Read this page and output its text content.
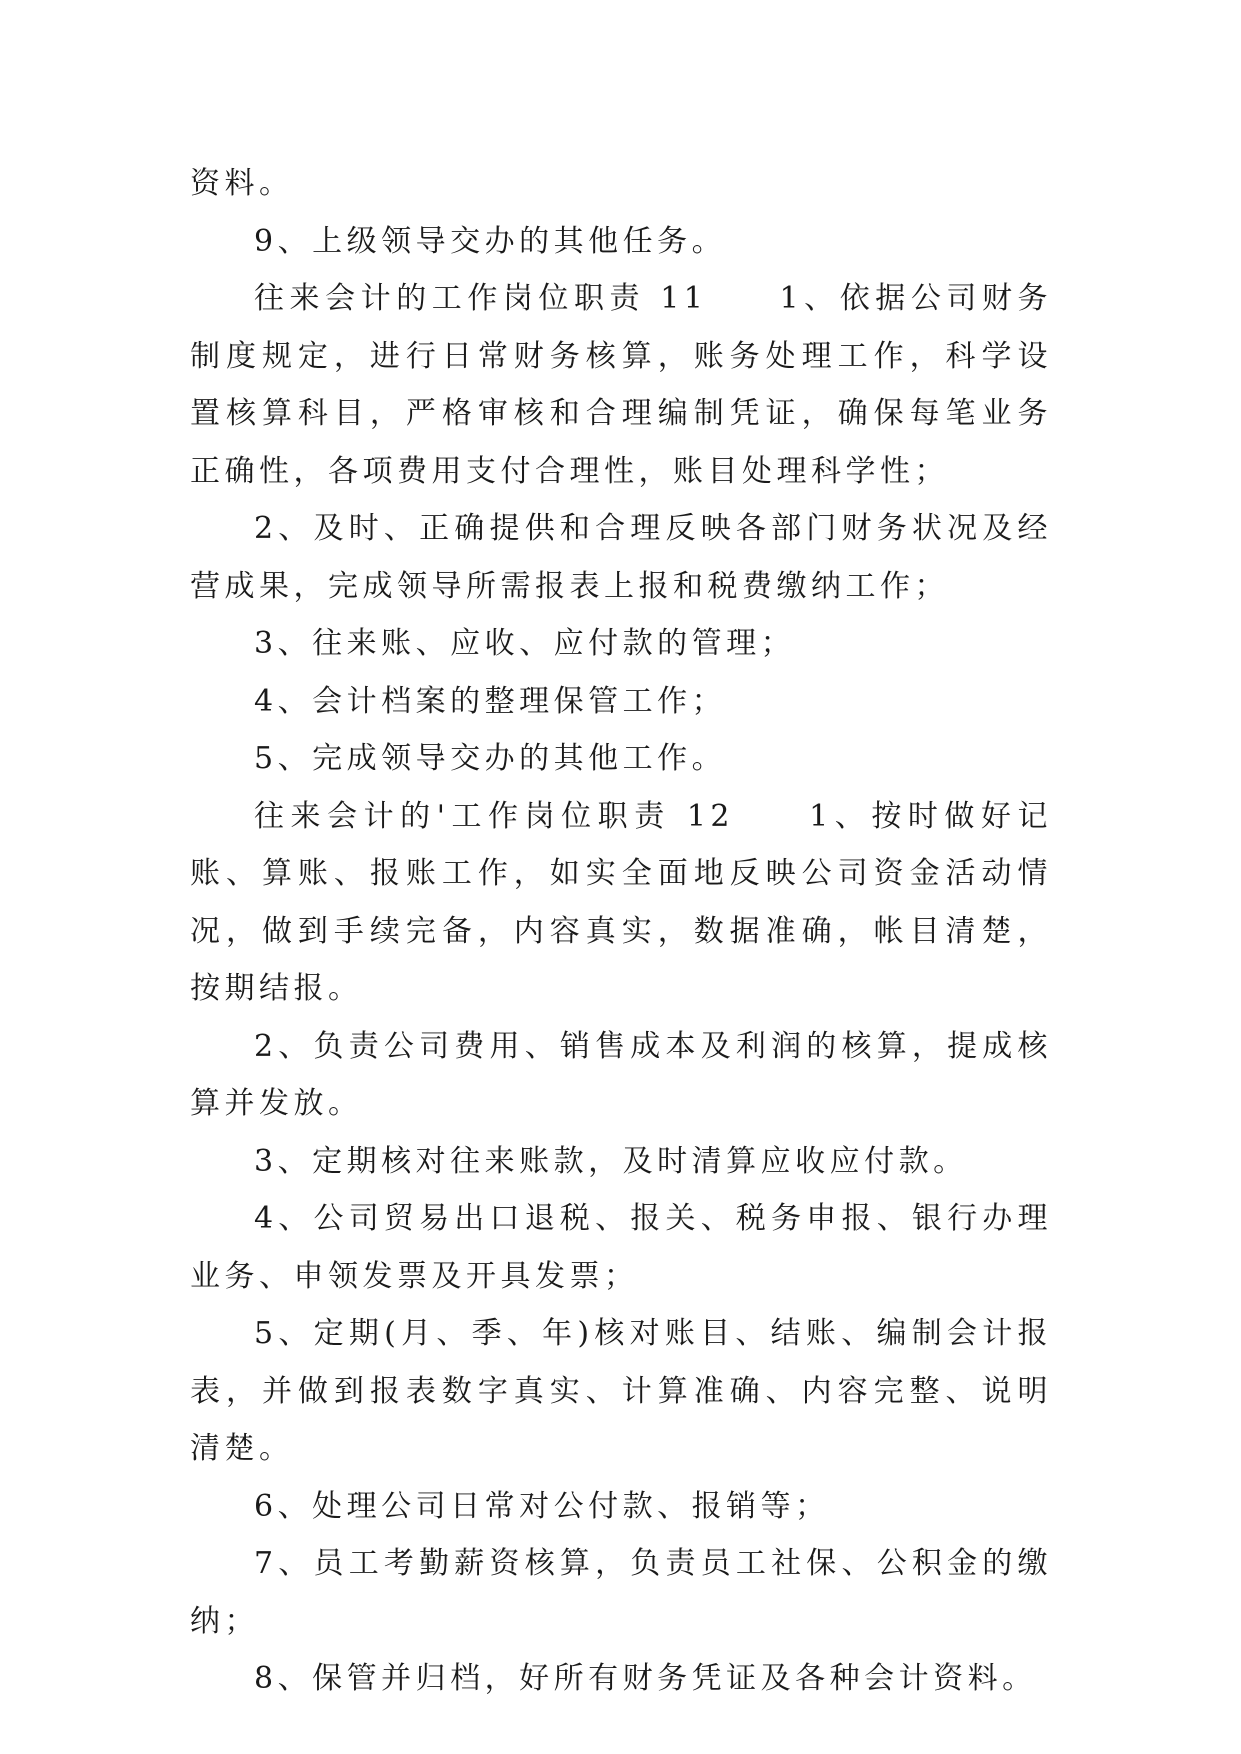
资料。

9、上级领导交办的其他任务。

往来会计的工作岗位职责 11　　1、依据公司财务制度规定，进行日常财务核算，账务处理工作，科学设置核算科目，严格审核和合理编制凭证，确保每笔业务正确性，各项费用支付合理性，账目处理科学性；

2、及时、正确提供和合理反映各部门财务状况及经营成果，完成领导所需报表上报和税费缴纳工作；

3、往来账、应收、应付款的管理；

4、会计档案的整理保管工作；

5、完成领导交办的其他工作。

往来会计的'工作岗位职责 12　　1、按时做好记账、算账、报账工作，如实全面地反映公司资金活动情况，做到手续完备，内容真实，数据准确，帐目清楚，按期结报。

2、负责公司费用、销售成本及利润的核算，提成核算并发放。

3、定期核对往来账款，及时清算应收应付款。

4、公司贸易出口退税、报关、税务申报、银行办理业务、申领发票及开具发票；

5、定期(月、季、年)核对账目、结账、编制会计报表，并做到报表数字真实、计算准确、内容完整、说明清楚。

6、处理公司日常对公付款、报销等；

7、员工考勤薪资核算，负责员工社保、公积金的缴纳；

8、保管并归档，好所有财务凭证及各种会计资料。
